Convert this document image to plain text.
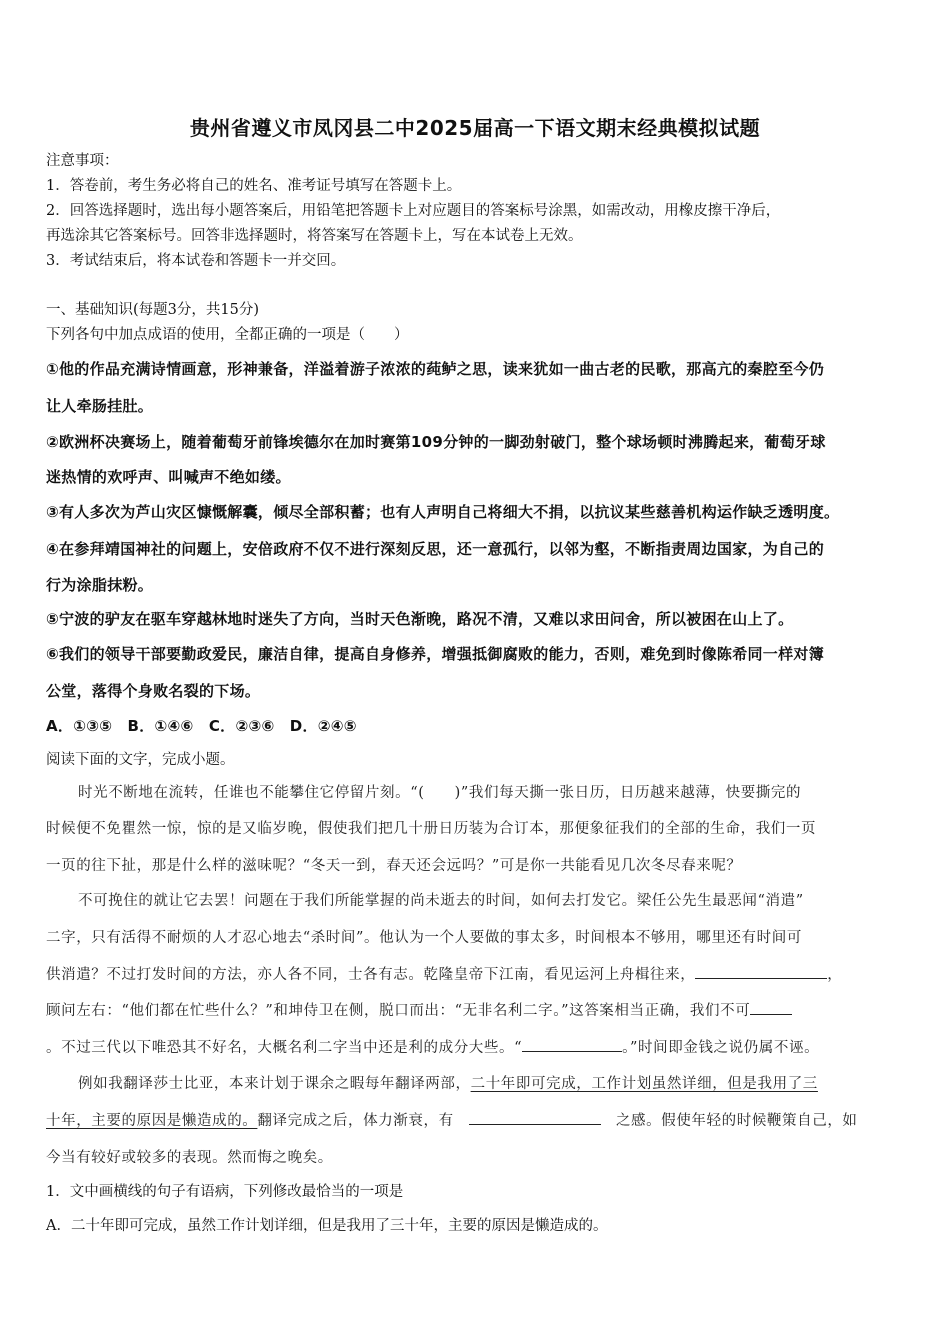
贵州省遵义市凤冈县二中2025届高一下语文期末经典模拟试题
注意事项：
1．答卷前，考生务必将自己的姓名、准考证号填写在答题卡上。
2．回答选择题时，选出每小题答案后，用铅笔把答题卡上对应题目的答案标号涂黑，如需改动，用橡皮擦干净后，
再选涂其它答案标号。回答非选择题时，将答案写在答题卡上，写在本试卷上无效。
3．考试结束后，将本试卷和答题卡一并交回。
一、基础知识(每题3分，共15分)
下列各句中加点成语的使用，全都正确的一项是（　　）
①他的作品充满诗情画意，形神兼备，洋溢着游子浓浓的莼鲈之思，读来犹如一曲古老的民歌，那高亢的秦腔至今仍
让人牵肠挂肚。
②欧洲杯决赛场上，随着葡萄牙前锋埃德尔在加时赛第109分钟的一脚劲射破门，整个球场顿时沸腾起来，葡萄牙球
迷热情的欢呼声、叫喊声不绝如缕。
③有人多次为芦山灾区慷慨解囊，倾尽全部积蓄；也有人声明自己将细大不捐，以抗议某些慈善机构运作缺乏透明度。
④在参拜靖国神社的问题上，安倍政府不仅不进行深刻反思，还一意孤行，以邻为壑，不断指责周边国家，为自己的
行为涂脂抹粉。
⑤宁波的驴友在驱车穿越林地时迷失了方向，当时天色渐晚，路况不清，又难以求田问舍，所以被困在山上了。
⑥我们的领导干部要勤政爱民，廉洁自律，提高自身修养，增强抵御腐败的能力，否则，难免到时像陈希同一样对簿
公堂，落得个身败名裂的下场。
A．①③⑤　B．①④⑥　C．②③⑥　D．②④⑤
阅读下面的文字，完成小题。
时光不断地在流转，任谁也不能攀住它停留片刻。“(　　)”我们每天撕一张日历，日历越来越薄，快要撕完的
时候便不免瞿然一惊，惊的是又临岁晚，假使我们把几十册日历装为合订本，那便象征我们的全部的生命，我们一页
一页的往下扯，那是什么样的滋味呢？“冬天一到，春天还会远吗？”可是你一共能看见几次冬尽春来呢？
不可挽住的就让它去罢！问题在于我们所能掌握的尚未逝去的时间，如何去打发它。梁任公先生最恶闻“消遣”
二字，只有活得不耐烦的人才忍心地去“杀时间”。他认为一个人要做的事太多，时间根本不够用，哪里还有时间可
供消遣？不过打发时间的方法，亦人各不同，士各有志。乾隆皇帝下江南，看见运河上舟楫往来，	，
顾问左右：“他们都在忙些什么？”和坤侍卫在侧，脱口而出：“无非名利二字。”这答案相当正确，我们不可
。不过三代以下唯恐其不好名，大概名利二字当中还是利的成分大些。“	。”时间即金钱之说仍属不诬。
例如我翻译莎士比亚，本来计划于课余之暇每年翻译两部，二十年即可完成，工作计划虽然详细，但是我用了三
十年，主要的原因是懒造成的。翻译完成之后，体力渐衰，有  	之感。假使年轻的时候鞭策自己，如
今当有较好或较多的表现。然而悔之晚矣。
1．文中画横线的句子有语病，下列修改最恰当的一项是
A．二十年即可完成，虽然工作计划详细，但是我用了三十年，主要的原因是懒造成的。
